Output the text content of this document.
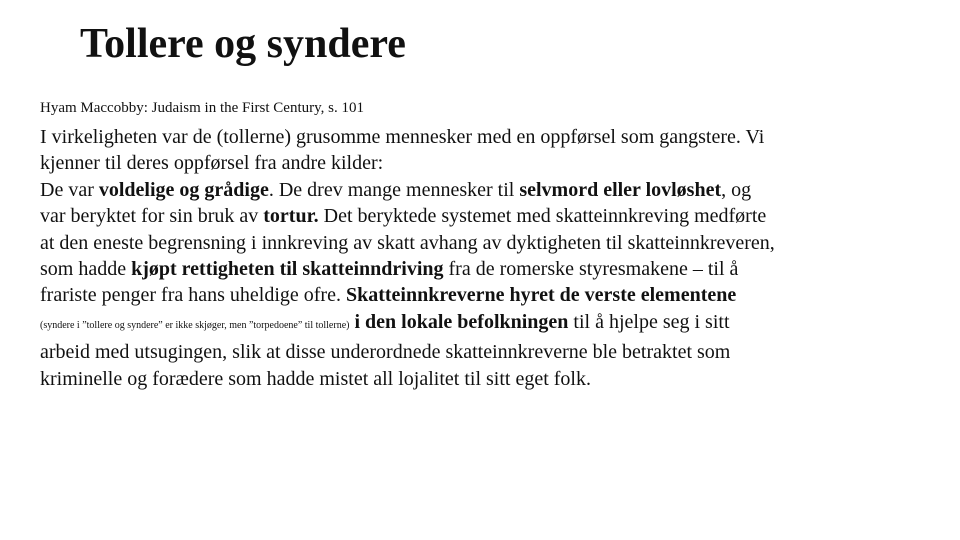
Tollere og syndere

Hyam Maccobby: Judaism in the First Century, s. 101

I virkeligheten var de (tollerne) grusomme mennesker med en oppførsel som gangstere. Vi
kjenner til deres oppførsel fra andre kilder:
De var voldelige og grådige. De drev mange mennesker til selvmord eller lovløshet, og
var beryktet for sin bruk av tortur. Det beryktede systemet med skatteinnkreving medførte
at den eneste begrensning i innkreving av skatt avhang av dyktigheten til skatteinnkreveren,
som hadde kjøpt rettigheten til skatteinndriving fra de romerske styresmakene – til å
frariste penger fra hans uheldige ofre. Skatteinnkreverne hyret de verste elementene
(syndere i ”tollere og syndere” er ikke skjøger, men ”torpedoene” til tollerne) i den lokale befolkningen til å hjelpe seg i sitt
arbeid med utsugingen, slik at disse underordnede skatteinnkreverne ble betraktet som
kriminelle og forædere som hadde mistet all lojalitet til sitt eget folk.
